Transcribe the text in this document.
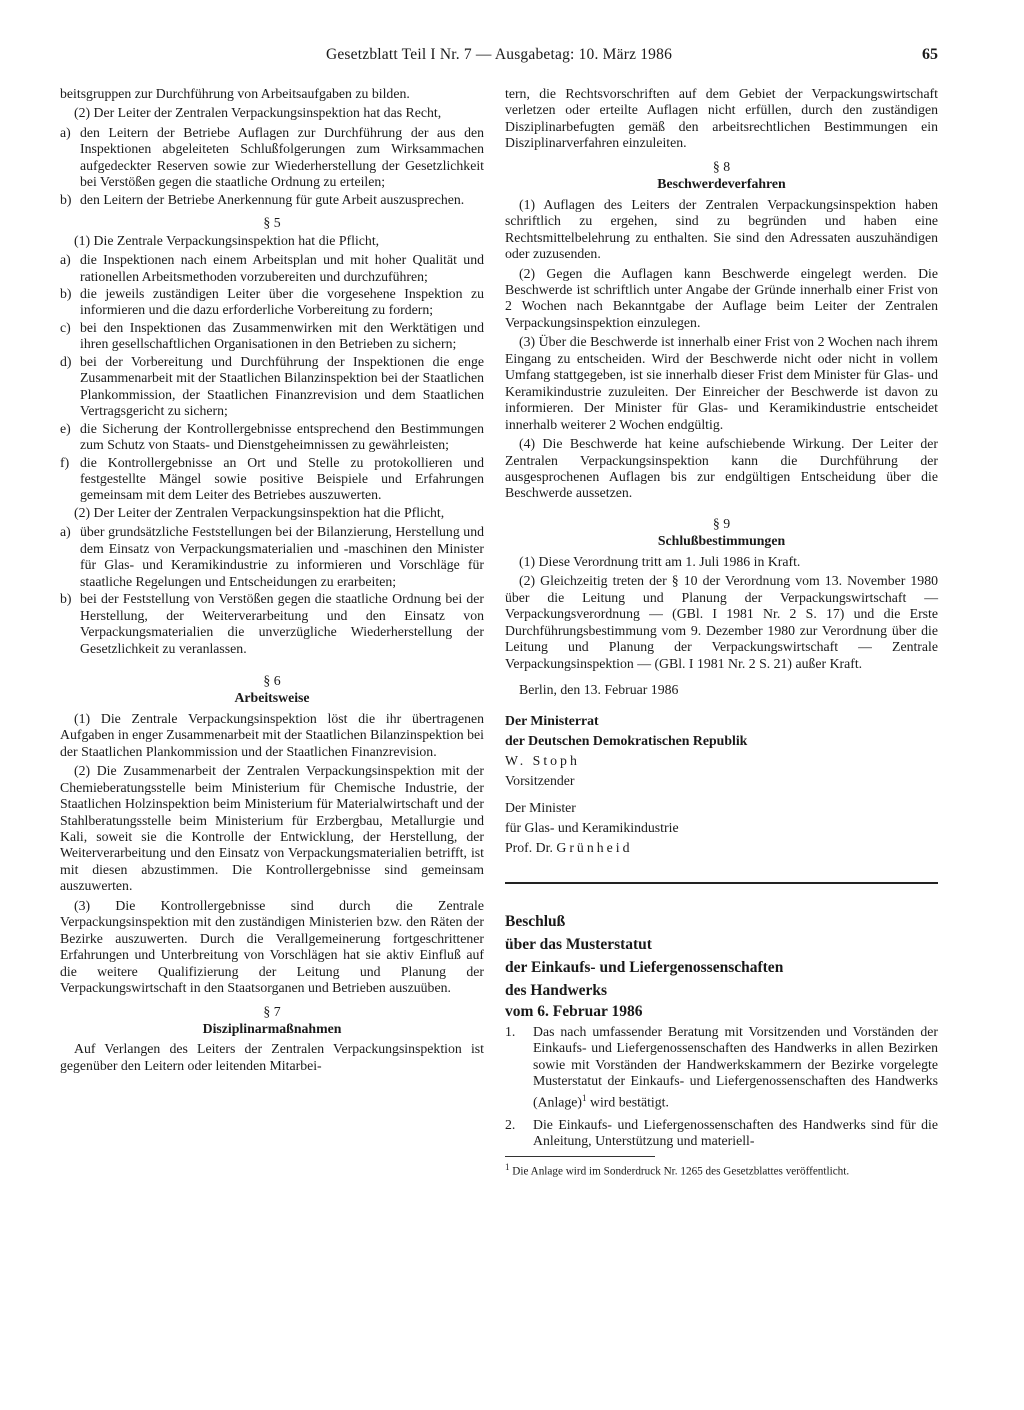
Gesetzblatt Teil I Nr. 7 — Ausgabetag: 10. März 1986	65

beitsgruppen zur Durchführung von Arbeitsaufgaben zu bilden.

(2) Der Leiter der Zentralen Verpackungsinspektion hat das Recht,

a) den Leitern der Betriebe Auflagen zur Durchführung der aus den Inspektionen abgeleiteten Schlußfolgerungen zum Wirksammachen aufgedeckter Reserven sowie zur Wiederherstellung der Gesetzlichkeit bei Verstößen gegen die staatliche Ordnung zu erteilen;
b) den Leitern der Betriebe Anerkennung für gute Arbeit auszusprechen.
§ 5

(1) Die Zentrale Verpackungsinspektion hat die Pflicht,

a) die Inspektionen nach einem Arbeitsplan und mit hoher Qualität und rationellen Arbeitsmethoden vorzubereiten und durchzuführen;
b) die jeweils zuständigen Leiter über die vorgesehene Inspektion zu informieren und die dazu erforderliche Vorbereitung zu fordern;
c) bei den Inspektionen das Zusammenwirken mit den Werktätigen und ihren gesellschaftlichen Organisationen in den Betrieben zu sichern;
d) bei der Vorbereitung und Durchführung der Inspektionen die enge Zusammenarbeit mit der Staatlichen Bilanzinspektion bei der Staatlichen Plankommission, der Staatlichen Finanzrevision und dem Staatlichen Vertragsgericht zu sichern;
e) die Sicherung der Kontrollergebnisse entsprechend den Bestimmungen zum Schutz von Staats- und Dienstgeheimnissen zu gewährleisten;
f) die Kontrollergebnisse an Ort und Stelle zu protokollieren und festgestellte Mängel sowie positive Beispiele und Erfahrungen gemeinsam mit dem Leiter des Betriebes auszuwerten.

(2) Der Leiter der Zentralen Verpackungsinspektion hat die Pflicht,

a) über grundsätzliche Feststellungen bei der Bilanzierung, Herstellung und dem Einsatz von Verpackungsmaterialien und -maschinen den Minister für Glas- und Keramikindustrie zu informieren und Vorschläge für staatliche Regelungen und Entscheidungen zu erarbeiten;
b) bei der Feststellung von Verstößen gegen die staatliche Ordnung bei der Herstellung, der Weiterverarbeitung und den Einsatz von Verpackungsmaterialien die unverzügliche Wiederherstellung der Gesetzlichkeit zu veranlassen.
§ 6
Arbeitsweise

(1) Die Zentrale Verpackungsinspektion löst die ihr übertragenen Aufgaben in enger Zusammenarbeit mit der Staatlichen Bilanzinspektion bei der Staatlichen Plankommission und der Staatlichen Finanzrevision.

(2) Die Zusammenarbeit der Zentralen Verpackungsinspektion mit der Chemieberatungsstelle beim Ministerium für Chemische Industrie, der Staatlichen Holzinspektion beim Ministerium für Materialwirtschaft und der Stahlberatungsstelle beim Ministerium für Erzbergbau, Metallurgie und Kali, soweit sie die Kontrolle der Entwicklung, der Herstellung, der Weiterverarbeitung und den Einsatz von Verpackungsmaterialien betrifft, ist mit diesen abzustimmen. Die Kontrollergebnisse sind gemeinsam auszuwerten.

(3) Die Kontrollergebnisse sind durch die Zentrale Verpackungsinspektion mit den zuständigen Ministerien bzw. den Räten der Bezirke auszuwerten. Durch die Verallgemeinerung fortgeschrittener Erfahrungen und Unterbreitung von Vorschlägen hat sie aktiv Einfluß auf die weitere Qualifizierung der Leitung und Planung der Verpackungswirtschaft in den Staatsorganen und Betrieben auszuüben.

§ 7
Disziplinarmaßnahmen

Auf Verlangen des Leiters der Zentralen Verpackungsinspektion ist gegenüber den Leitern oder leitenden Mitarbei-

tern, die Rechtsvorschriften auf dem Gebiet der Verpackungswirtschaft verletzen oder erteilte Auflagen nicht erfüllen, durch den zuständigen Disziplinarbefugten gemäß den arbeitsrechtlichen Bestimmungen ein Disziplinarverfahren einzuleiten.

§ 8
Beschwerdeverfahren

(1) Auflagen des Leiters der Zentralen Verpackungsinspektion haben schriftlich zu ergehen, sind zu begründen und haben eine Rechtsmittelbelehrung zu enthalten. Sie sind den Adressaten auszuhändigen oder zuzusenden.

(2) Gegen die Auflagen kann Beschwerde eingelegt werden. Die Beschwerde ist schriftlich unter Angabe der Gründe innerhalb einer Frist von 2 Wochen nach Bekanntgabe der Auflage beim Leiter der Zentralen Verpackungsinspektion einzulegen.

(3) Über die Beschwerde ist innerhalb einer Frist von 2 Wochen nach ihrem Eingang zu entscheiden. Wird der Beschwerde nicht oder nicht in vollem Umfang stattgegeben, ist sie innerhalb dieser Frist dem Minister für Glas- und Keramikindustrie zuzuleiten. Der Einreicher der Beschwerde ist davon zu informieren. Der Minister für Glas- und Keramikindustrie entscheidet innerhalb weiterer 2 Wochen endgültig.

(4) Die Beschwerde hat keine aufschiebende Wirkung. Der Leiter der Zentralen Verpackungsinspektion kann die Durchführung der ausgesprochenen Auflagen bis zur endgültigen Entscheidung über die Beschwerde aussetzen.

§ 9
Schlußbestimmungen

(1) Diese Verordnung tritt am 1. Juli 1986 in Kraft.

(2) Gleichzeitig treten der § 10 der Verordnung vom 13. November 1980 über die Leitung und Planung der Verpackungswirtschaft — Verpackungsverordnung — (GBl. I 1981 Nr. 2 S. 17) und die Erste Durchführungsbestimmung vom 9. Dezember 1980 zur Verordnung über die Leitung und Planung der Verpackungswirtschaft — Zentrale Verpackungsinspektion — (GBl. I 1981 Nr. 2 S. 21) außer Kraft.

Berlin, den 13. Februar 1986

Der Ministerrat

der Deutschen Demokratischen Republik

W. Stoph

Vorsitzender

Der Minister

für Glas- und Keramikindustrie

Prof. Dr. Grünheid

Beschluß

über das Musterstatut

der Einkaufs- und Liefergenossenschaften

des Handwerks

vom 6. Februar 1986

1.	Das nach umfassender Beratung mit Vorsitzenden und Vorständen der Einkaufs- und Liefergenossenschaften des Handwerks in allen Bezirken sowie mit Vorständen der Handwerkskammern der Bezirke vorgelegte Musterstatut der Einkaufs- und Liefergenossenschaften des Handwerks (Anlage)$^1$ wird bestätigt.
2.	Die Einkaufs- und Liefergenossenschaften des Handwerks sind für die Anleitung, Unterstützung und materiell-

$^1$ Die Anlage wird im Sonderdruck Nr. 1265 des Gesetzblattes veröffentlicht.
